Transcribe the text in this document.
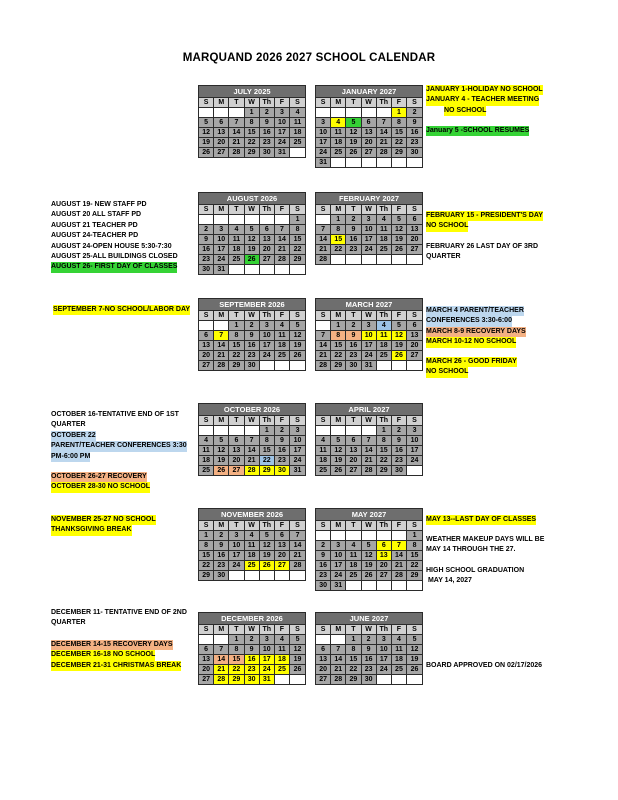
MARQUAND 2026 2027 SCHOOL CALENDAR
JULY 2025						
S	M	T	W	Th	F	S
			1	2	3	4
5	6	7	8	9	10	11
12	13	14	15	16	17	18
19	20	21	22	23	24	25
26	27	28	29	30	31	
JANUARY 2027						
S	M	T	W	Th	F	S
					1	2
3	4	5	6	7	8	9
10	11	12	13	14	15	16
17	18	19	20	21	22	23
24	25	26	27	28	29	30
31						
AUGUST 2026						
S	M	T	W	Th	F	S
						1
2	3	4	5	6	7	8
9	10	11	12	13	14	15
16	17	18	19	20	21	22
23	24	25	26	27	28	29
30	31					
FEBRUARY 2027						
S	M	T	W	Th	F	S
	1	2	3	4	5	6
7	8	9	10	11	12	13
14	15	16	17	18	19	20
21	22	23	24	25	26	27
28						
SEPTEMBER 2026						
S	M	T	W	Th	F	S
		1	2	3	4	5
6	7	8	9	10	11	12
13	14	15	16	17	18	19
20	21	22	23	24	25	26
27	28	29	30			
MARCH 2027						
S	M	T	W	Th	F	S
	1	2	3	4	5	6
7	8	9	10	11	12	13
14	15	16	17	18	19	20
21	22	23	24	25	26	27
28	29	30	31			
OCTOBER 2026						
S	M	T	W	Th	F	S
				1	2	3
4	5	6	7	8	9	10
11	12	13	14	15	16	17
18	19	20	21	22	23	24
25	26	27	28	29	30	31
APRIL 2027						
S	M	T	W	Th	F	S
				1	2	3
4	5	6	7	8	9	10
11	12	13	14	15	16	17
18	19	20	21	22	23	24
25	26	27	28	29	30	
NOVEMBER 2026						
S	M	T	W	Th	F	S
1	2	3	4	5	6	7
8	9	10	11	12	13	14
15	16	17	18	19	20	21
22	23	24	25	26	27	28
29	30					
MAY 2027						
S	M	T	W	Th	F	S
						1
2	3	4	5	6	7	8
9	10	11	12	13	14	15
16	17	18	19	20	21	22
23	24	25	26	27	28	29
30	31					
DECEMBER 2026						
S	M	T	W	Th	F	S
		1	2	3	4	5
6	7	8	9	10	11	12
13	14	15	16	17	18	19
20	21	22	23	24	25	26
27	28	29	30	31		
JUNE 2027						
S	M	T	W	Th	F	S
		1	2	3	4	5
6	7	8	9	10	11	12
13	14	15	16	17	18	19
20	21	22	23	24	25	26
27	28	29	30			
JANUARY 1-HOLIDAY NO SCHOOL
JANUARY 4 - TEACHER MEETING
NO SCHOOL
January 5 -SCHOOL RESUMES
AUGUST 19- NEW STAFF PD
AUGUST 20 ALL STAFF PD
AUGUST 21 TEACHER PD
AUGUST 24-TEACHER PD
AUGUST 24-OPEN HOUSE 5:30-7:30
AUGUST 25-ALL BUILDINGS CLOSED
AUGUST 26- FIRST DAY OF CLASSES
FEBRUARY 15 - PRESIDENT'S DAY
NO SCHOOL
FEBRUARY 26 LAST DAY OF 3RD
QUARTER
SEPTEMBER 7-NO SCHOOL/LABOR DAY	MARCH 4 PARENT/TEACHER
CONFERENCES 3:30-6:00
MARCH 8-9 RECOVERY DAYS
MARCH 10-12 NO SCHOOL
MARCH 26 - GOOD FRIDAY
NO SCHOOL
OCTOBER 16-TENTATIVE END OF 1ST
QUARTER
OCTOBER 22
PARENT/TEACHER CONFERENCES 3:30
PM-6:00 PM
OCTOBER 26-27 RECOVERY
OCTOBER 28-30 NO SCHOOL
NOVEMBER 25-27 NO SCHOOL
THANKSGIVING BREAK
MAY 13--LAST DAY OF CLASSES
WEATHER MAKEUP DAYS WILL BE
MAY 14 THROUGH THE 27.
HIGH SCHOOL GRADUATION
MAY 14, 2027
DECEMBER 11- TENTATIVE END OF 2ND
QUARTER
DECEMBER 14-15 RECOVERY DAYS
DECEMBER 16-18 NO SCHOOL
DECEMBER 21-31 CHRISTMAS BREAK	BOARD APPROVED ON 02/17/2026
